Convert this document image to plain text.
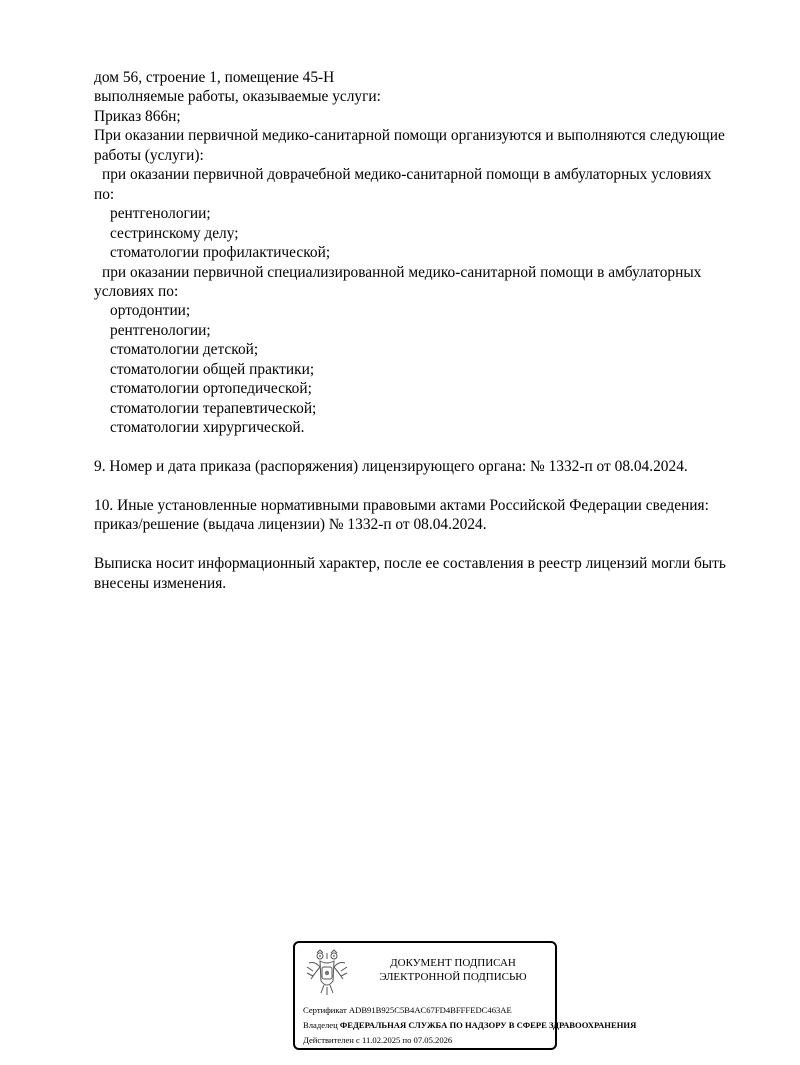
дом 56, строение 1, помещение 45-Н
выполняемые работы, оказываемые услуги:
Приказ 866н;
При оказании первичной медико-санитарной помощи организуются и выполняются следующие
работы (услуги):
при оказании первичной доврачебной медико-санитарной помощи в амбулаторных условиях
по:
рентгенологии;
сестринскому делу;
стоматологии профилактической;
при оказании первичной специализированной медико-санитарной помощи в амбулаторных
условиях по:
ортодонтии;
рентгенологии;
стоматологии детской;
стоматологии общей практики;
стоматологии ортопедической;
стоматологии терапевтической;
стоматологии хирургической.
9. Номер и дата приказа (распоряжения) лицензирующего органа: № 1332-п от 08.04.2024.
10. Иные установленные нормативными правовыми актами Российской Федерации сведения:
приказ/решение (выдача лицензии) № 1332-п от 08.04.2024.
Выписка носит информационный характер, после ее составления в реестр лицензий могли быть
внесены изменения.
ДОКУМЕНТ ПОДПИСАН
ЭЛЕКТРОННОЙ ПОДПИСЬЮ
Сертификат ADB91B925C5B4AC67FD4BFFFEDC463AE
Владелец ФЕДЕРАЛЬНАЯ СЛУЖБА ПО НАДЗОРУ В СФЕРЕ ЗДРАВООХРАНЕНИЯ
Действителен с 11.02.2025 по 07.05.2026
